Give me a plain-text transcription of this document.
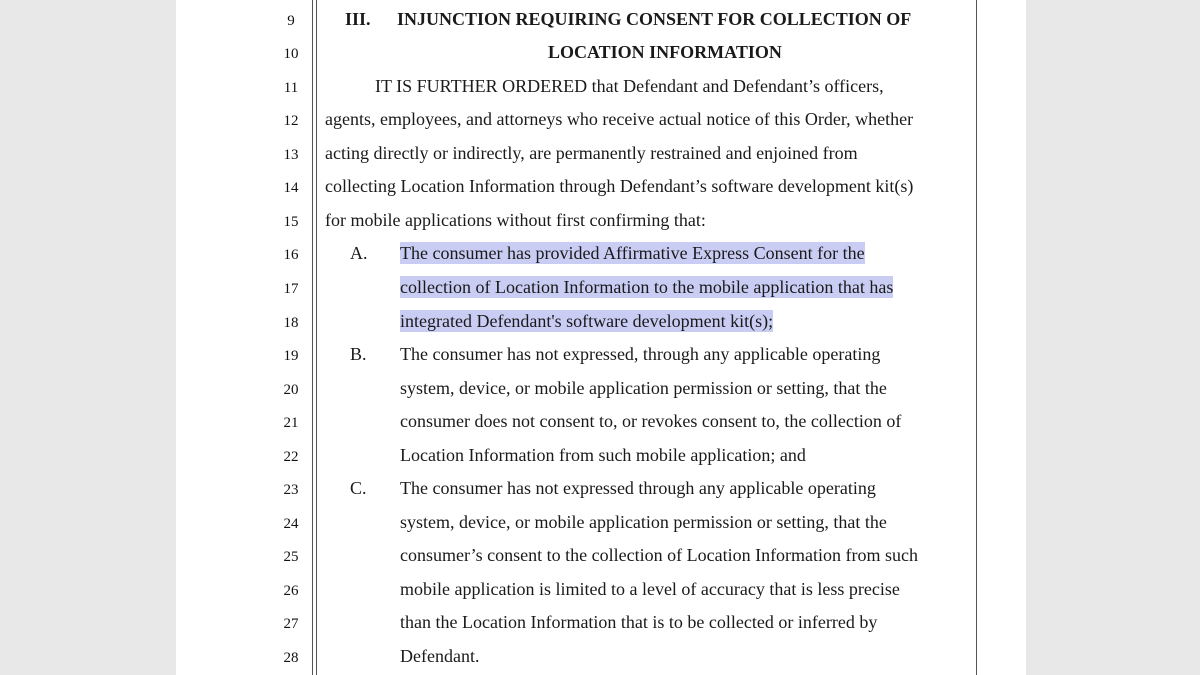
9
10
11
12
13
14
15
16
17
18
19
20
21
22
23
24
25
26
27
28
III. INJUNCTION REQUIRING CONSENT FOR COLLECTION OF
LOCATION INFORMATION
IT IS FURTHER ORDERED that Defendant and Defendant’s officers,
agents, employees, and attorneys who receive actual notice of this Order, whether
acting directly or indirectly, are permanently restrained and enjoined from
collecting Location Information through Defendant’s software development kit(s)
for mobile applications without first confirming that:
A. The consumer has provided Affirmative Express Consent for the
collection of Location Information to the mobile application that has
integrated Defendant's software development kit(s);
B. The consumer has not expressed, through any applicable operating
system, device, or mobile application permission or setting, that the
consumer does not consent to, or revokes consent to, the collection of
Location Information from such mobile application; and
C. The consumer has not expressed through any applicable operating
system, device, or mobile application permission or setting, that the
consumer’s consent to the collection of Location Information from such
mobile application is limited to a level of accuracy that is less precise
than the Location Information that is to be collected or inferred by
Defendant.
